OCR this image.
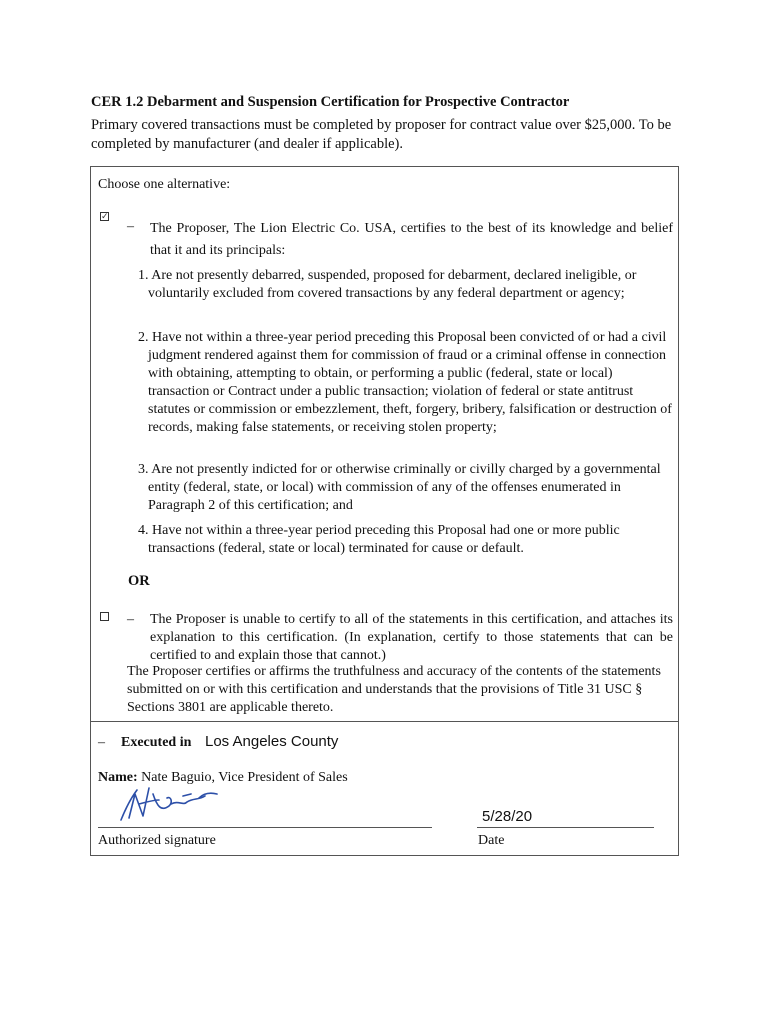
CER 1.2 Debarment and Suspension Certification for Prospective Contractor
Primary covered transactions must be completed by proposer for contract value over $25,000. To be completed by manufacturer (and dealer if applicable).
Choose one alternative:
✓
– The Proposer, The Lion Electric Co. USA, certifies to the best of its knowledge and belief that it and its principals:
1. Are not presently debarred, suspended, proposed for debarment, declared ineligible, or voluntarily excluded from covered transactions by any federal department or agency;
2. Have not within a three-year period preceding this Proposal been convicted of or had a civil judgment rendered against them for commission of fraud or a criminal offense in connection with obtaining, attempting to obtain, or performing a public (federal, state or local) transaction or Contract under a public transaction; violation of federal or state antitrust statutes or commission or embezzlement, theft, forgery, bribery, falsification or destruction of records, making false statements, or receiving stolen property;
3. Are not presently indicted for or otherwise criminally or civilly charged by a governmental entity (federal, state, or local) with commission of any of the offenses enumerated in Paragraph 2 of this certification; and
4. Have not within a three-year period preceding this Proposal had one or more public transactions (federal, state or local) terminated for cause or default.
OR
– The Proposer is unable to certify to all of the statements in this certification, and attaches its explanation to this certification. (In explanation, certify to those statements that can be certified to and explain those that cannot.)
The Proposer certifies or affirms the truthfulness and accuracy of the contents of the statements submitted on or with this certification and understands that the provisions of Title 31 USC § Sections 3801 are applicable thereto.
– Executed in Los Angeles County
Name: Nate Baguio, Vice President of Sales
5/28/20
Authorized signature	Date
